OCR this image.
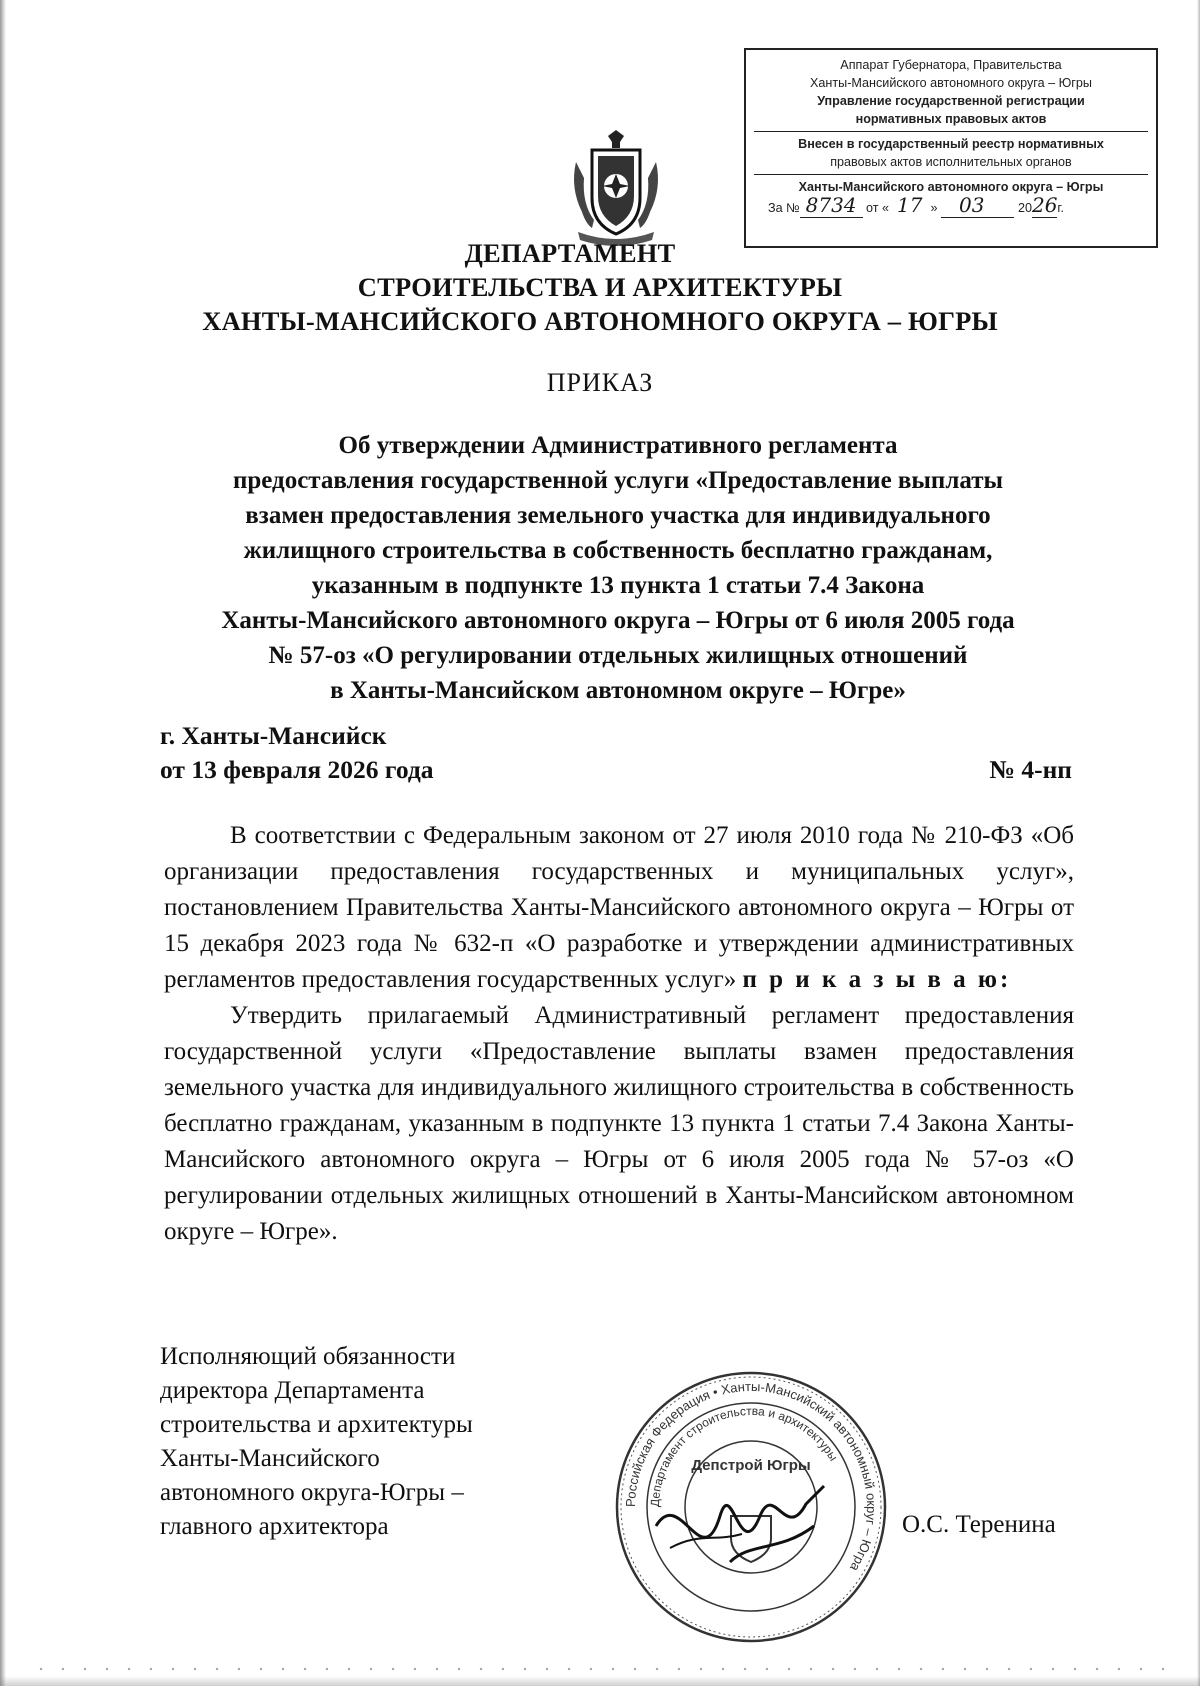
Аппарат Губернатора, Правительства
Ханты-Мансийского автономного округа – Югры
Управление государственной регистрации
нормативных правовых актов
Внесен в государственный реестр нормативных
правовых актов исполнительных органов
Ханты-Мансийского автономного округа – Югры
За № 8734 от « 17 » 03	2026г.
ДЕПАРТАМЕНТ
СТРОИТЕЛЬСТВА И АРХИТЕКТУРЫ
ХАНТЫ-МАНСИЙСКОГО АВТОНОМНОГО ОКРУГА – ЮГРЫ
ПРИКАЗ
Об утверждении Административного регламента
предоставления государственной услуги «Предоставление выплаты
взамен предоставления земельного участка для индивидуального
жилищного строительства в собственность бесплатно гражданам,
указанным в подпункте 13 пункта 1 статьи 7.4 Закона
Ханты-Мансийского автономного округа – Югры от 6 июля 2005 года
№ 57-оз «О регулировании отдельных жилищных отношений
в Ханты-Мансийском автономном округе – Югре»
г. Ханты-Мансийск
от 13 февраля 2026 года	№ 4-нп

В соответствии с Федеральным законом от 27 июля 2010 года № 210-ФЗ «Об организации предоставления государственных и муниципальных услуг», постановлением Правительства Ханты-Мансийского автономного округа – Югры от 15 декабря 2023 года № 632-п «О разработке и утверждении административных регламентов предоставления государственных услуг» п р и к а з ы в а ю:

Утвердить прилагаемый Административный регламент предоставления государственной услуги «Предоставление выплаты взамен предоставления земельного участка для индивидуального жилищного строительства в собственность бесплатно гражданам, указанным в подпункте 13 пункта 1 статьи 7.4 Закона Ханты-Мансийского автономного округа – Югры от 6 июля 2005 года № 57-оз «О регулировании отдельных жилищных отношений в Ханты-Мансийском автономном округе – Югре».

Исполняющий обязанности
директора Департамента
строительства и архитектуры
Ханты-Мансийского
автономного округа-Югры –
главного архитектора
Российская Федерация • Ханты-Мансийский автономный округ – Югра
Департамент строительства и архитектуры
Депстрой Югры
О.С. Теренина
